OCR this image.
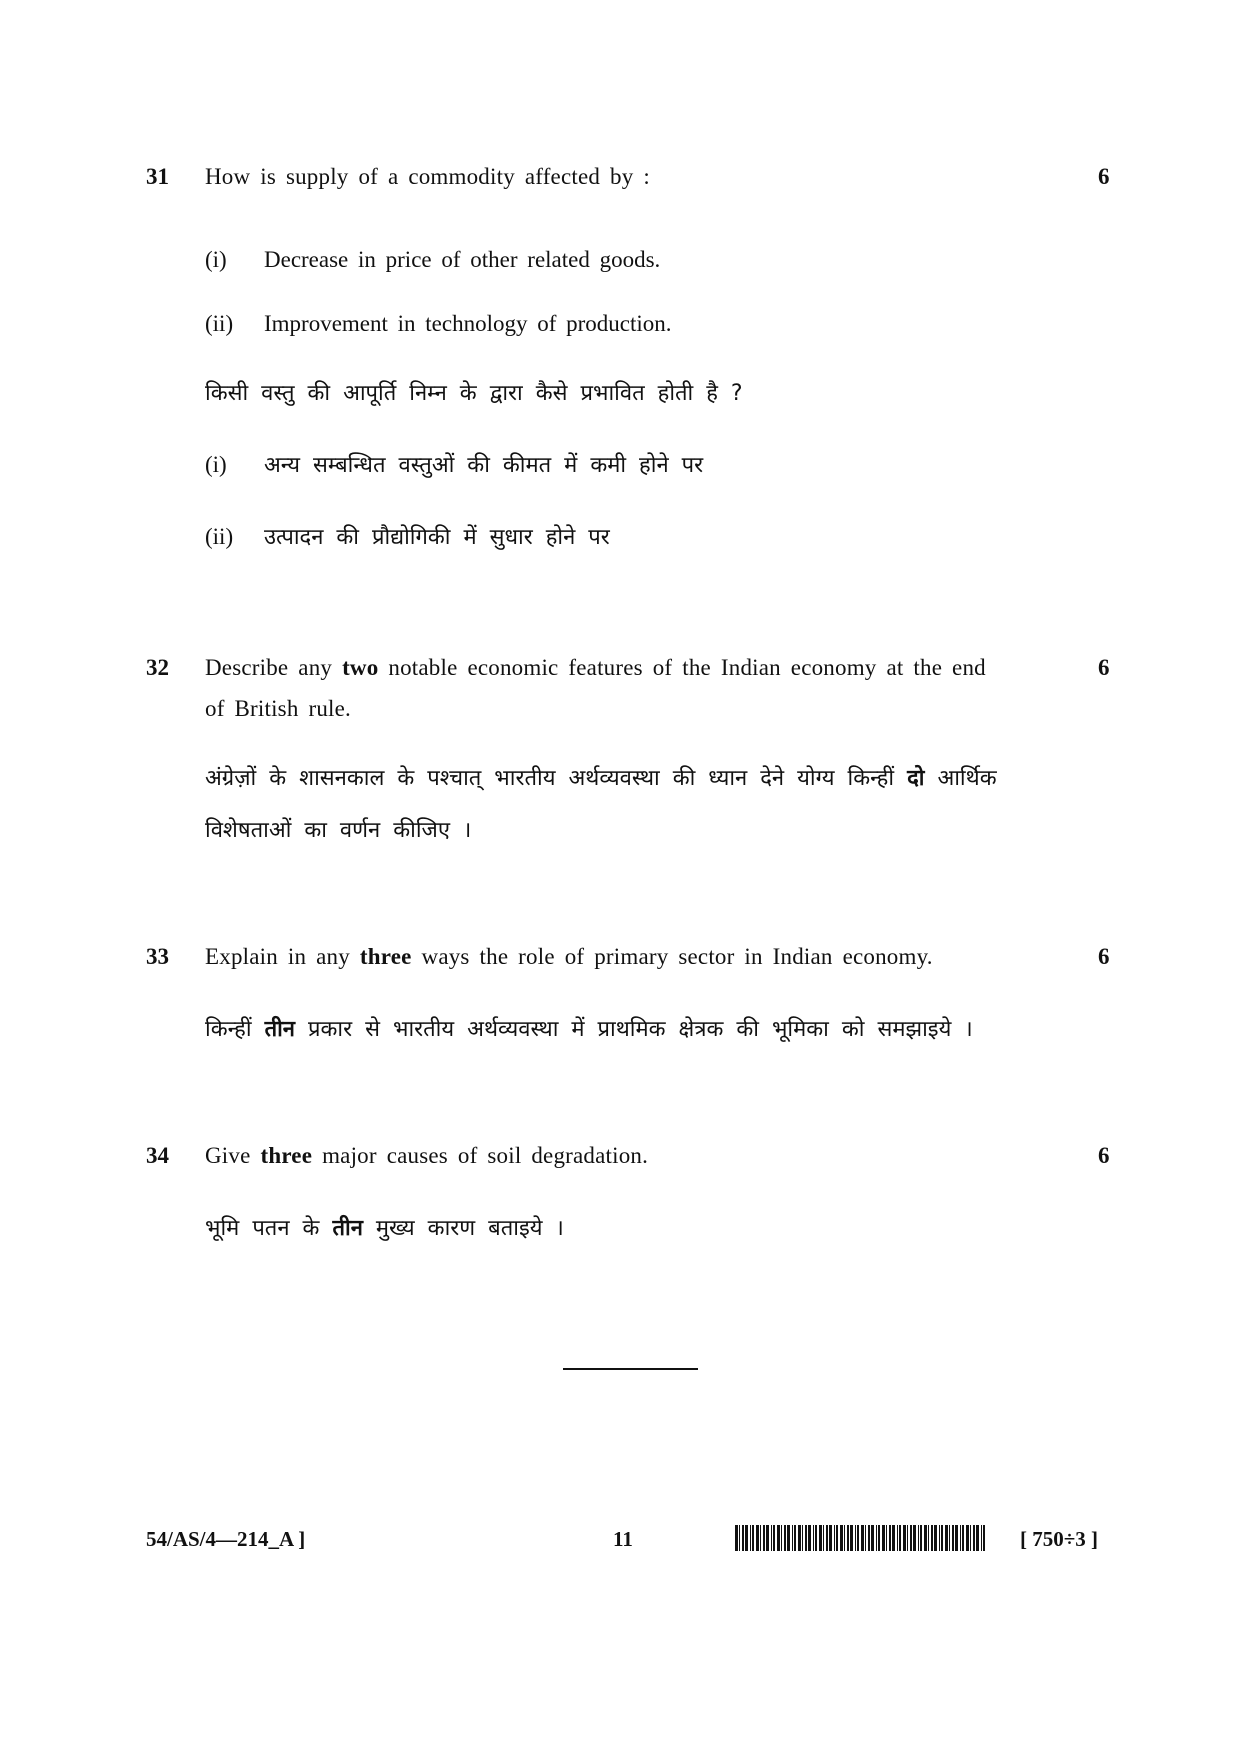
31 How is supply of a commodity affected by :	6
(i) Decrease in price of other related goods.
(ii) Improvement in technology of production.
किसी वस्तु की आपूर्ति निम्न के द्वारा कैसे प्रभावित होती है ?
(i) अन्य सम्बन्धित वस्तुओं की कीमत में कमी होने पर
(ii) उत्पादन की प्रौद्योगिकी में सुधार होने पर
32 Describe any two notable economic features of the Indian economy at the end	6
of British rule.
अंग्रेज़ों के शासनकाल के पश्चात् भारतीय अर्थव्यवस्था की ध्यान देने योग्य किन्हीं दो आर्थिक
विशेषताओं का वर्णन कीजिए ।
33 Explain in any three ways the role of primary sector in Indian economy.	6
किन्हीं तीन प्रकार से भारतीय अर्थव्यवस्था में प्राथमिक क्षेत्रक की भूमिका को समझाइये ।
34 Give three major causes of soil degradation.	6
भूमि पतन के तीन मुख्य कारण बताइये ।
54/AS/4—214_A ]	11	[ 750÷3 ]
